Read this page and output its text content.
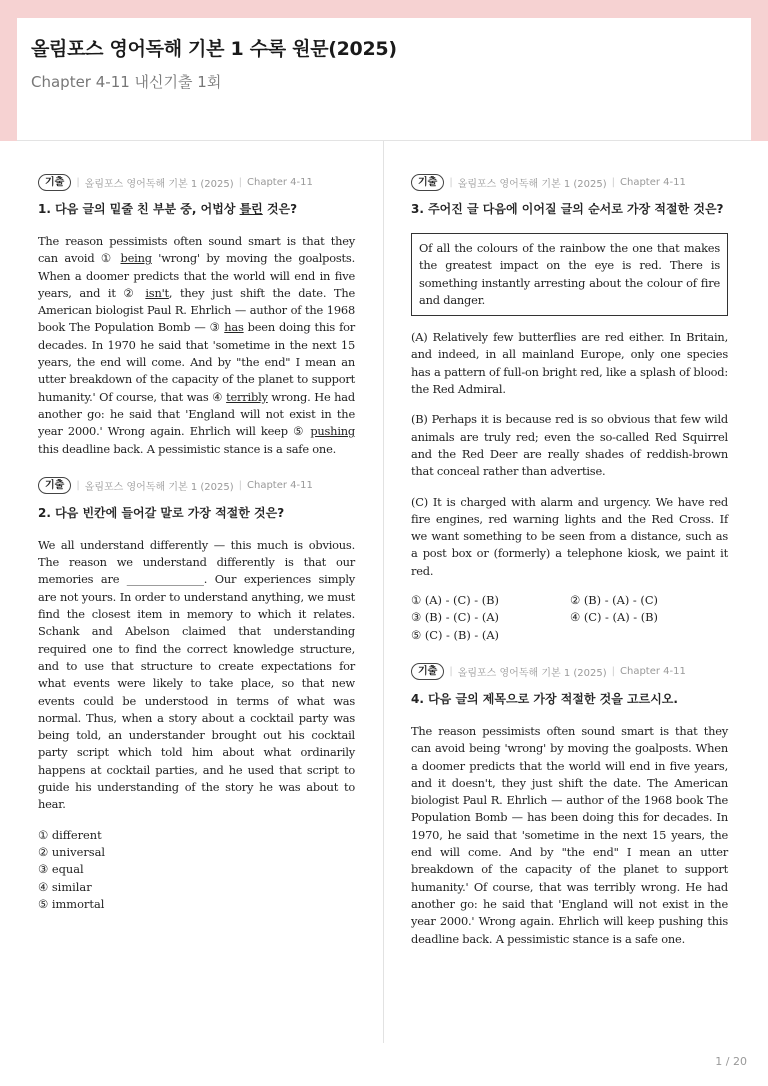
올림포스 영어독해 기본 1 수록 원문(2025)
Chapter 4-11 내신기출 1회
기출	| 올림포스 영어독해 기본 1 (2025) | Chapter 4-11
1. 다음 글의 밑줄 친 부분 중, 어법상 틀린 것은?
The reason pessimists often sound smart is that they can avoid ① being 'wrong' by moving the goalposts. When a doomer predicts that the world will end in five years, and it ② isn't, they just shift the date. The American biologist Paul R. Ehrlich — author of the 1968 book The Population Bomb — ③ has been doing this for decades. In 1970 he said that 'sometime in the next 15 years, the end will come. And by "the end" I mean an utter breakdown of the capacity of the planet to support humanity.' Of course, that was ④ terribly wrong. He had another go: he said that 'England will not exist in the year 2000.' Wrong again. Ehrlich will keep ⑤ pushing this deadline back. A pessimistic stance is a safe one.
기출	| 올림포스 영어독해 기본 1 (2025) | Chapter 4-11
2. 다음 빈칸에 들어갈 말로 가장 적절한 것은?
We all understand differently — this much is obvious. The reason we understand differently is that our memories are ______________. Our experiences simply are not yours. In order to understand anything, we must find the closest item in memory to which it relates. Schank and Abelson claimed that understanding required one to find the correct knowledge structure, and to use that structure to create expectations for what events were likely to take place, so that new events could be understood in terms of what was normal. Thus, when a story about a cocktail party was being told, an understander brought out his cocktail party script which told him about what ordinarily happens at cocktail parties, and he used that script to guide his understanding of the story he was about to hear.
① different
② universal
③ equal
④ similar
⑤ immortal
기출	| 올림포스 영어독해 기본 1 (2025) | Chapter 4-11
3. 주어진 글 다음에 이어질 글의 순서로 가장 적절한 것은?
Of all the colours of the rainbow the one that makes the greatest impact on the eye is red. There is something instantly arresting about the colour of fire and danger.
(A) Relatively few butterflies are red either. In Britain, and indeed, in all mainland Europe, only one species has a pattern of full-on bright red, like a splash of blood: the Red Admiral.
(B) Perhaps it is because red is so obvious that few wild animals are truly red; even the so-called Red Squirrel and the Red Deer are really shades of reddish-brown that conceal rather than advertise.
(C) It is charged with alarm and urgency. We have red fire engines, red warning lights and the Red Cross. If we want something to be seen from a distance, such as a post box or (formerly) a telephone kiosk, we paint it red.
① (A) - (C) - (B)	② (B) - (A) - (C)
③ (B) - (C) - (A)	④ (C) - (A) - (B)
⑤ (C) - (B) - (A)
기출	| 올림포스 영어독해 기본 1 (2025) | Chapter 4-11
4. 다음 글의 제목으로 가장 적절한 것을 고르시오.
The reason pessimists often sound smart is that they can avoid being 'wrong' by moving the goalposts. When a doomer predicts that the world will end in five years, and it doesn't, they just shift the date. The American biologist Paul R. Ehrlich — author of the 1968 book The Population Bomb — has been doing this for decades. In 1970, he said that 'sometime in the next 15 years, the end will come. And by "the end" I mean an utter breakdown of the capacity of the planet to support humanity.' Of course, that was terribly wrong. He had another go: he said that 'England will not exist in the year 2000.' Wrong again. Ehrlich will keep pushing this deadline back. A pessimistic stance is a safe one.
1 / 20
